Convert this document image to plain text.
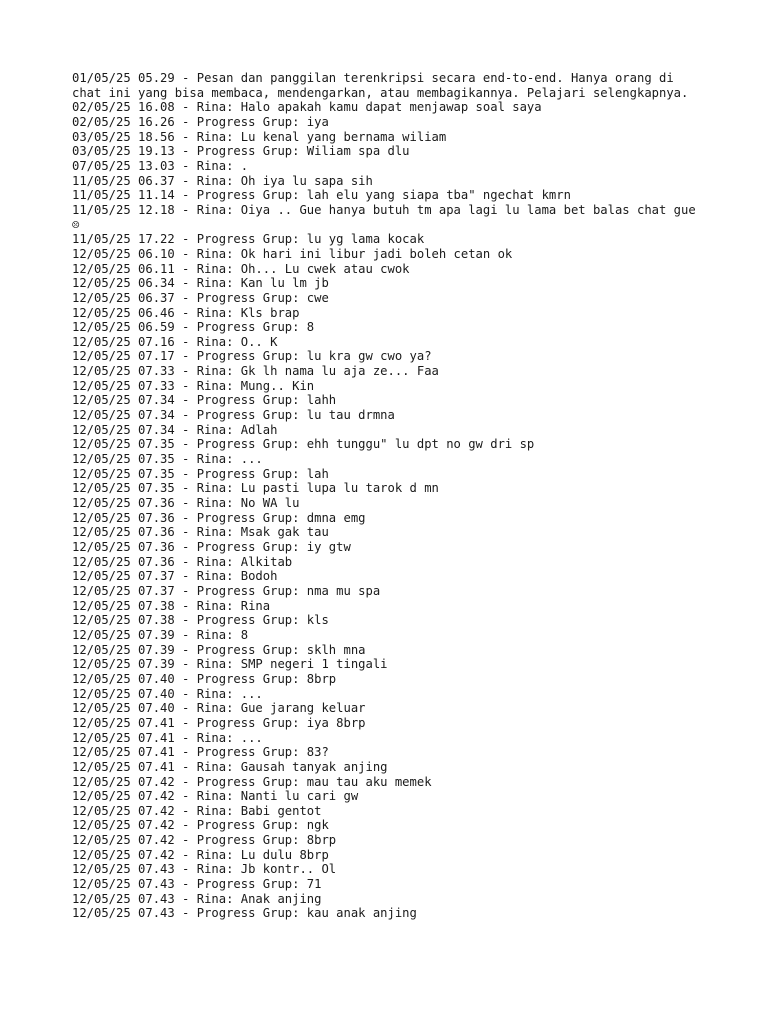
01/05/25 05.29 - Pesan dan panggilan terenkripsi secara end-to-end. Hanya orang di chat ini yang bisa membaca, mendengarkan, atau membagikannya. Pelajari selengkapnya.

02/05/25 16.08 - Rina: Halo apakah kamu dapat menjawap soal saya

02/05/25 16.26 - Progress Grup: iya

03/05/25 18.56 - Rina: Lu kenal yang bernama wiliam

03/05/25 19.13 - Progress Grup: Wiliam spa dlu

07/05/25 13.03 - Rina: .

11/05/25 06.37 - Rina: Oh iya lu sapa sih

11/05/25 11.14 - Progress Grup: lah elu yang siapa tba" ngechat kmrn

11/05/25 12.18 - Rina: Oiya .. Gue hanya butuh tm apa lagi lu lama bet balas chat gue☹

11/05/25 17.22 - Progress Grup: lu yg lama kocak

12/05/25 06.10 - Rina: Ok hari ini libur jadi boleh cetan ok

12/05/25 06.11 - Rina: Oh... Lu cwek atau cwok

12/05/25 06.34 - Rina: Kan lu lm jb

12/05/25 06.37 - Progress Grup: cwe

12/05/25 06.46 - Rina: Kls brap

12/05/25 06.59 - Progress Grup: 8

12/05/25 07.16 - Rina: O.. K

12/05/25 07.17 - Progress Grup: lu kra gw cwo ya?

12/05/25 07.33 - Rina: Gk lh nama lu aja ze... Faa

12/05/25 07.33 - Rina: Mung.. Kin

12/05/25 07.34 - Progress Grup: lahh

12/05/25 07.34 - Progress Grup: lu tau drmna

12/05/25 07.34 - Rina: Adlah

12/05/25 07.35 - Progress Grup: ehh tunggu" lu dpt no gw dri sp

12/05/25 07.35 - Rina: ...

12/05/25 07.35 - Progress Grup: lah

12/05/25 07.35 - Rina: Lu pasti lupa lu tarok d mn

12/05/25 07.36 - Rina: No WA lu

12/05/25 07.36 - Progress Grup: dmna emg

12/05/25 07.36 - Rina: Msak gak tau

12/05/25 07.36 - Progress Grup: iy gtw

12/05/25 07.36 - Rina: Alkitab

12/05/25 07.37 - Rina: Bodoh

12/05/25 07.37 - Progress Grup: nma mu spa

12/05/25 07.38 - Rina: Rina

12/05/25 07.38 - Progress Grup: kls

12/05/25 07.39 - Rina: 8

12/05/25 07.39 - Progress Grup: sklh mna

12/05/25 07.39 - Rina: SMP negeri 1 tingali

12/05/25 07.40 - Progress Grup: 8brp

12/05/25 07.40 - Rina: ...

12/05/25 07.40 - Rina: Gue jarang keluar

12/05/25 07.41 - Progress Grup: iya 8brp

12/05/25 07.41 - Rina: ...

12/05/25 07.41 - Progress Grup: 83?

12/05/25 07.41 - Rina: Gausah tanyak anjing

12/05/25 07.42 - Progress Grup: mau tau aku memek

12/05/25 07.42 - Rina: Nanti lu cari gw

12/05/25 07.42 - Rina: Babi gentot

12/05/25 07.42 - Progress Grup: ngk

12/05/25 07.42 - Progress Grup: 8brp

12/05/25 07.42 - Rina: Lu dulu 8brp

12/05/25 07.43 - Rina: Jb kontr.. Ol

12/05/25 07.43 - Progress Grup: 71

12/05/25 07.43 - Rina: Anak anjing

12/05/25 07.43 - Progress Grup: kau anak anjing
